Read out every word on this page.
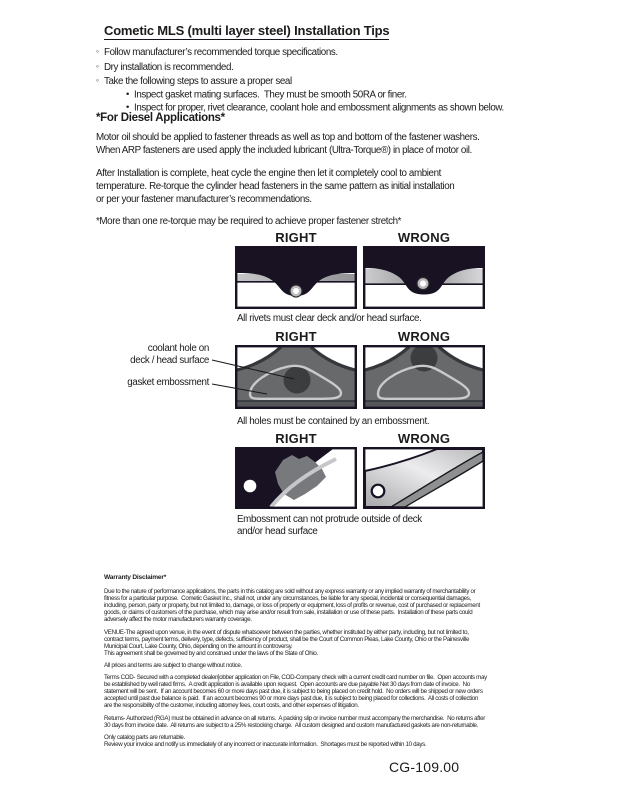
Cometic MLS (multi layer steel) Installation Tips
◦ Follow manufacturer’s recommended torque specifications.
◦ Dry installation is recommended.
◦ Take the following steps to assure a proper seal
• Inspect gasket mating surfaces.  They must be smooth 50RA or finer.
• Inspect for proper, rivet clearance, coolant hole and embossment alignments as shown below.
*For Diesel Applications*
Motor oil should be applied to fastener threads as well as top and bottom of the fastener washers.
When ARP fasteners are used apply the included lubricant (Ultra-Torque®) in place of motor oil.
After Installation is complete, heat cycle the engine then let it completely cool to ambient
temperature. Re-torque the cylinder head fasteners in the same pattern as initial installation
or per your fastener manufacturer’s recommendations.
*More than one re-torque may be required to achieve proper fastener stretch*
RIGHT	WRONG
All rivets must clear deck and/or head surface.
RIGHT	WRONG
coolant hole on
deck / head surface
gasket embossment
All holes must be contained by an embossment.
RIGHT	WRONG
Embossment can not protrude outside of deck
and/or head surface
Warranty Disclaimer*
Due to the nature of performance applications, the parts in this catalog are sold without any express warranty or any implied warranty of merchantability or
fitness for a particular purpose.  Cometic Gasket Inc., shall not, under any circumstances, be liable for any special, incidental or consequential damages,
including, person, party or property, but not limited to, damage, or loss of property or equipment, loss of profits or revenue, cost of purchased or replacement
goods, or claims of customers of the purchase, which may arise and/or result from sale, installation or use of these parts.  Installation of these parts could
adversely affect the motor manufacturers warranty coverage.
VENUE-The agreed upon venue, in the event of dispute whatsoever between the parties, whether instituted by either party, including, but not limited to,
contract terms, payment terms, delivery, type, defects, sufficiency of product, shall be the Court of Common Pleas, Lake County, Ohio or the Painesville
Municipal Court, Lake County, Ohio, depending on the amount in controversy.
This agreement shall be governed by and construed under the laws of the State of Ohio.
All prices and terms are subject to change without notice.
Terms COD- Secured with a completed dealer/jobber application on File, COD-Company check with a current credit card number on file.  Open accounts may
be established by well rated firms.  A credit application is available upon request.  Open accounts are due payable Net 30 days from date of invoice.  No
statement will be sent.  If an account becomes 60 or more days past due, it is subject to being placed on credit hold.  No orders will be shipped or new orders
accepted until past due balance is paid.  If an account becomes 90 or more days past due, it is subject to being placed for collections.  All costs of collection
are the responsibility of the customer, including attorney fees, court costs, and other expenses of litigation.
Returns- Authorized (RGA) must be obtained in advance on all returns.  A packing slip or invoice number must accompany the merchandise.  No returns after
30 days from invoice date.  All returns are subject to a 25% restocking charge.  All custom designed and custom manufactured gaskets are non-returnable.
Only catalog parts are returnable.
Review your invoice and notify us immediately of any incorrect or inaccurate information.  Shortages must be reported within 10 days.
CG-109.00
